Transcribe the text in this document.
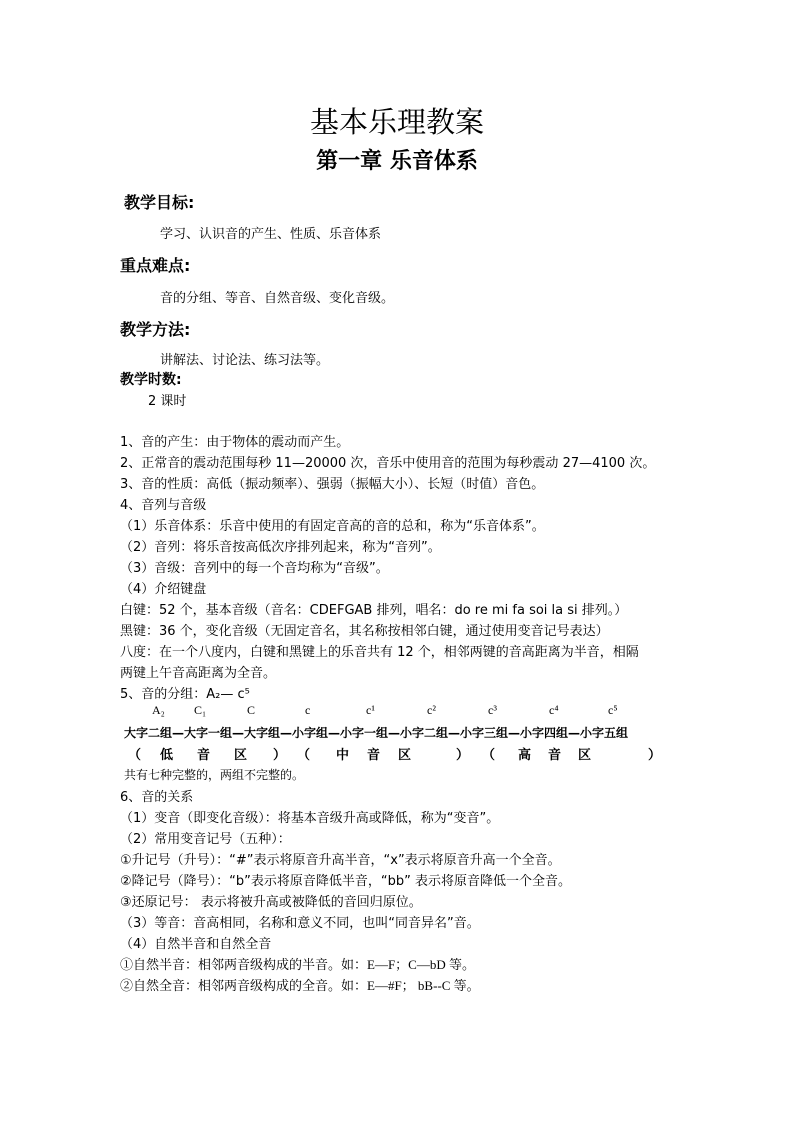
基本乐理教案
第一章 乐音体系
教学目标:
学习、认识音的产生、性质、乐音体系
重点难点:
音的分组、等音、自然音级、变化音级。
教学方法:
讲解法、讨论法、练习法等。
教学时数:
2 课时
1、音的产生：由于物体的震动而产生。
2、正常音的震动范围每秒 11—20000 次，音乐中使用音的范围为每秒震动 27—4100 次。
3、音的性质：高低（振动频率）、强弱（振幅大小）、长短（时值）音色。
4、音列与音级
（1）乐音体系：乐音中使用的有固定音高的音的总和，称为“乐音体系”。
（2）音列：将乐音按高低次序排列起来，称为“音列”。
（3）音级：音列中的每一个音均称为“音级”。
（4）介绍键盘
白键：52 个，基本音级（音名：CDEFGAB 排列，唱名：do re mi fa soi la si 排列。）
黑键：36 个，变化音级（无固定音名，其名称按相邻白键，通过使用变音记号表达）
八度：在一个八度内，白键和黑键上的乐音共有 12 个，相邻两键的音高距离为半音，相隔
两键上午音高距离为全音。
5、音的分组：A₂— c⁵
A₂ C₁	C	c	c¹	c²	c³	c⁴	c⁵
大字二组—大字一组—大字组—小字组—小字一组—小字二组—小字三组—小字四组—小字五组
（ 低 音 区 ） （ 中 音 区	） （ 高 音 区	）
共有七种完整的，两组不完整的。
6、音的关系
（1）变音（即变化音级）：将基本音级升高或降低，称为“变音”。
（2）常用变音记号（五种）：
①升记号（升号）：“#”表示将原音升高半音，“x”表示将原音升高一个全音。
②降记号（降号）：“b”表示将原音降低半音，“bb” 表示将原音降低一个全音。
③还原记号： 表示将被升高或被降低的音回归原位。
（3）等音：音高相同，名称和意义不同，也叫“同音异名”音。
（4）自然半音和自然全音
①自然半音：相邻两音级构成的半音。如：E—F；C—bD 等。
②自然全音：相邻两音级构成的全音。如：E—#F； bB--C 等。
